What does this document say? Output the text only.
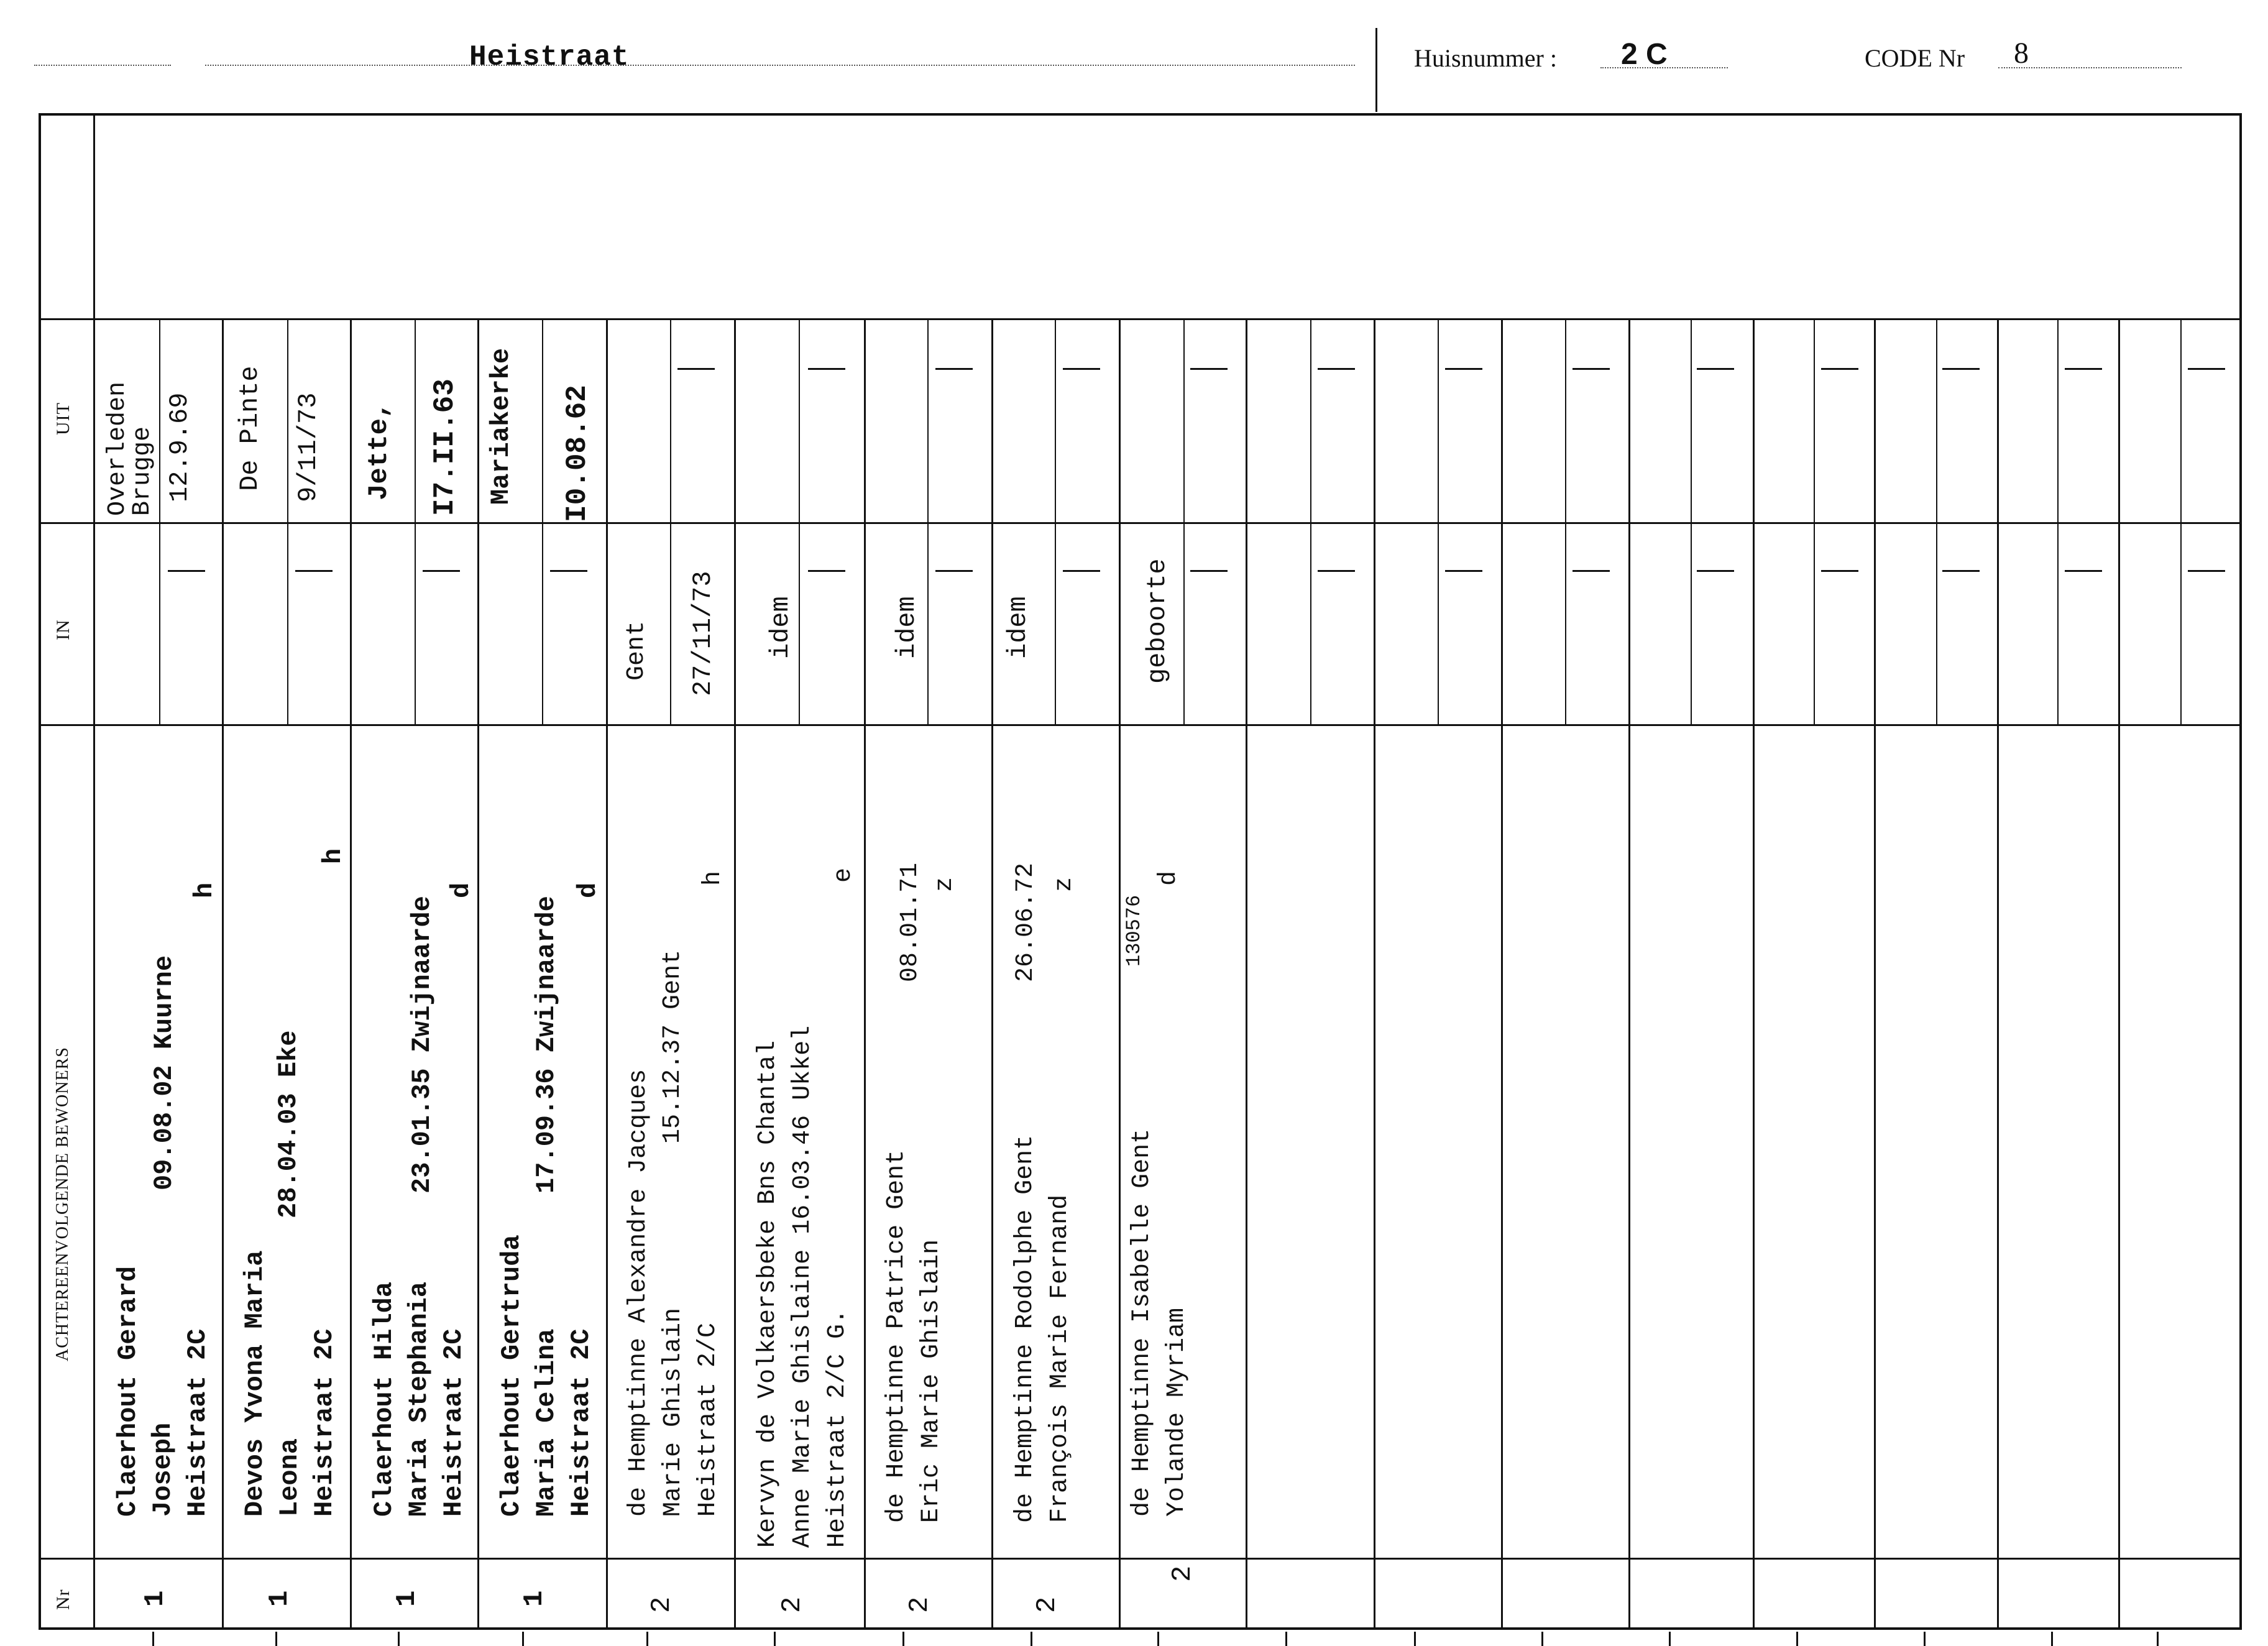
Heistraat	Huisnummer : 2 C	CODE Nr 8
UIT
IN
ACHTEREENVOLGENDE BEWONERS
Nr
Claerhout Gerard Joseph Heistraat 2C
09.08.02 Kuurne
h
Overleden Brugge 12.9.69
1
Devos Yvona Maria Leona Heistraat 2C
28.04.03 Eke
h
De Pinte 9/11/73
1
Claerhout Hilda Maria Stephania Heistraat 2C
23.01.35 Zwijnaarde
d
Jette, I7.II.63
1
Claerhout Gertruda Maria Celina Heistraat 2C
17.09.36 Zwijnaarde
d
Mariakerke I0.08.62
1
de Hemptinne Alexandre Jacques Marie Ghislain Heistraat 2/C
15.12.37 Gent
h
Gent 27/11/73
2
Kervyn de Volkaersbeke Bns Chantal Anne Marie Ghislaine 16.03.46 Ukkel Heistraat 2/C G.
e
idem
2
de Hemptinne Patrice Gent Eric Marie Ghislain
08.01.71 z
idem
2
de Hemptinne Rodolphe Gent François Marie Fernand
26.06.72 z
idem
2
de Hemptinne Isabelle Gent Yolande Myriam
130576
d
geboorte
2
